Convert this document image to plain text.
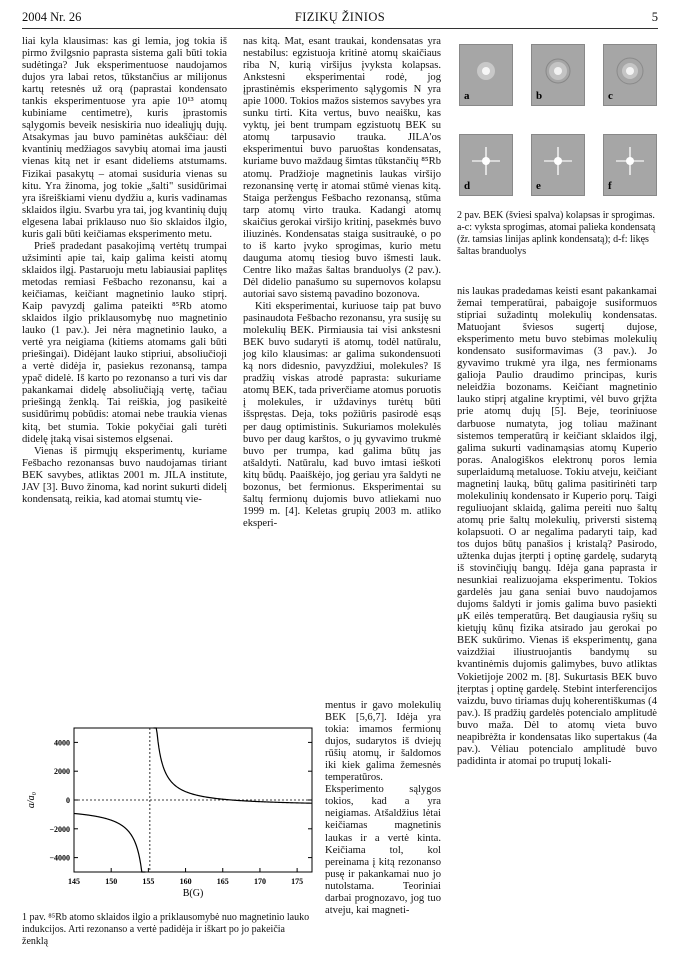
2004 Nr. 26	FIZIKŲ ŽINIOS	5

liai kyla klausimas: kas gi lemia, jog tokia iš pirmo žvilgsnio paprasta sistema gali būti tokia sudėtinga? Juk eksperimentuose naudojamos dujos yra labai retos, tūkstančius ar milijonus kartų retesnės už orą (paprastai kondensato tankis eksperimentuose yra apie 10¹³ atomų kubiniame centimetre), kuris įprastomis sąlygomis beveik nesiskiria nuo idealiųjų dujų. Atsakymas jau buvo paminėtas aukščiau: dėl kvantinių medžiagos savybių atomai ima jausti vienas kitą net ir esant dideliems atstumams. Fizikai pasakytų – atomai susiduria vienas su kitu. Yra žinoma, jog tokie „šalti" susidūrimai yra išreiškiami vienu dydžiu a, kuris vadinamas sklaidos ilgiu. Svarbu yra tai, jog kvantinių dujų elgesena labai priklauso nuo šio sklaidos ilgio, kuris gali būti keičiamas eksperimento metu.

Prieš pradedant pasakojimą vertėtų trumpai užsiminti apie tai, kaip galima keisti atomų sklaidos ilgį. Pastaruoju metu labiausiai paplitęs metodas remiasi Fešbacho rezonansu, kai a keičiamas, keičiant magnetinio lauko stiprį. Kaip pavyzdį galima pateikti ⁸⁵Rb atomo sklaidos ilgio priklausomybę nuo magnetinio lauko (1 pav.). Jei nėra magnetinio lauko, a vertė yra neigiama (kitiems atomams gali būti priešingai). Didėjant lauko stipriui, absoliučioji a vertė didėja ir, pasiekus rezonansą, tampa ypač didelė. Iš karto po rezonanso a turi vis dar pakankamai didelę absoliučiąją vertę, tačiau priešingą ženklą. Tai reiškia, jog pasikeitė susidūrimų pobūdis: atomai nebe traukia vienas kitą, bet stumia. Tokie pokyčiai gali turėti didelę įtaką visai sistemos elgsenai.

Vienas iš pirmųjų eksperimentų, kuriame Fešbacho rezonansas buvo naudojamas tiriant BEK savybes, atliktas 2001 m. JILA institute, JAV [3]. Buvo žinoma, kad norint sukurti didelį kondensatą, reikia, kad atomai stumtų vie-

nas kitą. Mat, esant traukai, kondensatas yra nestabilus: egzistuoja kritinė atomų skaičiaus riba N, kurią viršijus įvyksta kolapsas. Ankstesni eksperimentai rodė, jog įprastinėmis eksperimento sąlygomis N yra apie 1000. Tokios mažos sistemos savybes yra sunku tirti. Kita vertus, buvo neaišku, kas vyktų, jei bent trumpam egzistuotų BEK su atomų tarpusavio trauka. JILA'os eksperimentui buvo paruoštas kondensatas, kuriame buvo maždaug šimtas tūkstančių ⁸⁵Rb atomų. Pradžioje magnetinis laukas viršijo rezonansinę vertę ir atomai stūmė vienas kitą. Staiga peržengus Fešbacho rezonansą, stūma tarp atomų virto trauka. Kadangi atomų skaičius gerokai viršijo kritinį, pasekmės buvo iliuzinės. Kondensatas staiga susitraukė, o po to iš karto įvyko sprogimas, kurio metu dauguma atomų tiesiog buvo išmesti lauk. Centre liko mažas šaltas branduolys (2 pav.). Dėl didelio panašumo su supernovos kolapsu autoriai savo sistemą pavadino bozonova.

Kiti eksperimentai, kuriuose taip pat buvo pasinaudota Fešbacho rezonansu, yra susiję su molekulių BEK. Pirmiausia tai visi ankstesni BEK buvo sudaryti iš atomų, todėl natūralu, jog kilo klausimas: ar galima sukondensuoti ką nors didesnio, pavyzdžiui, molekules? Iš pradžių viskas atrodė paprasta: sukuriame atomų BEK, tada priverčiame atomus poruotis į molekules, ir uždavinys turėtų būti išspręstas. Deja, toks požiūris pasirodė esąs per daug optimistinis. Sukuriamos molekulės buvo per daug karštos, o jų gyvavimo trukmė buvo per trumpa, kad galima būtų jas atšaldyti. Natūralu, kad buvo imtasi ieškoti kitų būdų. Paaiškėjo, jog geriau yra šaldyti ne bozonus, bet fermionus. Eksperimentai su šaltų fermionų dujomis buvo atliekami nuo 1999 m. [4]. Keletas grupių 2003 m. atliko eksperi-

mentus ir gavo molekulių BEK [5,6,7]. Idėja yra tokia: imamos fermionų dujos, sudarytos iš dviejų rūšių atomų, ir šaldomos iki kiek galima žemesnės temperatūros. Eksperimento sąlygos tokios, kad a yra neigiamas. Atšaldžius lėtai keičiamas magnetinis laukas ir a vertė kinta. Keičiama tol, kol pereinama į kitą rezonanso pusę ir pakankamai nuo jo nutolstama. Teoriniai darbai prognozavo, jog tuo atveju, kai magneti-

a	b	c
d	e	f
2 pav. BEK (šviesi spalva) kolapsas ir sprogimas. a-c: vykstа sprogimas, atomai palieka kondensatą (žr. tamsias linijas aplink kondensatą); d-f: likęs šaltas branduolys

nis laukas pradedamas keisti esant pakankamai žemai temperatūrai, pabaigoje susiformuos stipriai sužadintų molekulių kondensatas. Matuojant šviesos sugertį dujose, eksperimento metu buvo stebimas molekulių kondensato susiformavimas (3 pav.). Jo gyvavimo trukmė yra ilga, nes fermionams galioja Paulio draudimo principas, kuris neleidžia bozonams. Keičiant magnetinio lauko stiprį atgaline kryptimi, vėl buvo grįžta prie atomų dujų [5]. Beje, teoriniuose darbuose numatyta, jog toliau mažinant sistemos temperatūrą ir keičiant sklaidos ilgį, galima sukurti vadinamąsias atomų Kuperio poras. Analogiškos elektronų poros lemia superlaidumą metaluose. Tokiu atveju, keičiant magnetinį lauką, būtų galima pasitirinėti tarp molekulinių kondensato ir Kuperio porų. Taigi reguliuojant sklaidą, galima pereiti nuo šaltų atomų prie šaltų molekulių, priversti sistemą kolapsuoti. O ar negalima padaryti taip, kad tos dujos būtų panašios į kristalą? Pasirodo, užtenka dujas įterpti į optinę gardelę, sudarytą iš stovinčiųjų bangų. Idėja gana paprasta ir nesunkiai realizuojama eksperimentu. Tokios gardelės jau gana seniai buvo naudojamos dujoms šaldyti ir jomis galima buvo pasiekti μK eilės temperatūrą. Bet daugiausia ryšių su kietųjų kūnų fizika atsirado jau gerokai po BEK sukūrimo. Vienas iš eksperimentų, gana vaizdžiai iliustruojantis bandymų su kvantinėmis dujomis galimybes, buvo atliktas Vokietijoje 2002 m. [8]. Sukurtasis BEK buvo įterptas į optinę gardelę. Stebint interferencijos vaizdu, buvo tiriamas dujų koherentiškumas (4 pav.). Iš pradžių gardelės potencialo amplitudė buvo maža. Dėl to atomų vieta buvo neapibrėžta ir kondensatas liko supertakus (4a pav.). Vėliau potencialo amplitudė buvo padidinta ir atomai po truputį lokali-

4000
2000
0
−2000
−4000
145	150	155	160	165	170	175
B(G)
a/a₀
1 pav. ⁸⁵Rb atomo sklaidos ilgio a priklausomybė nuo magnetinio lauko indukcijos. Arti rezonanso a vertė padidėja ir iškart po jo pakeičia ženklą
